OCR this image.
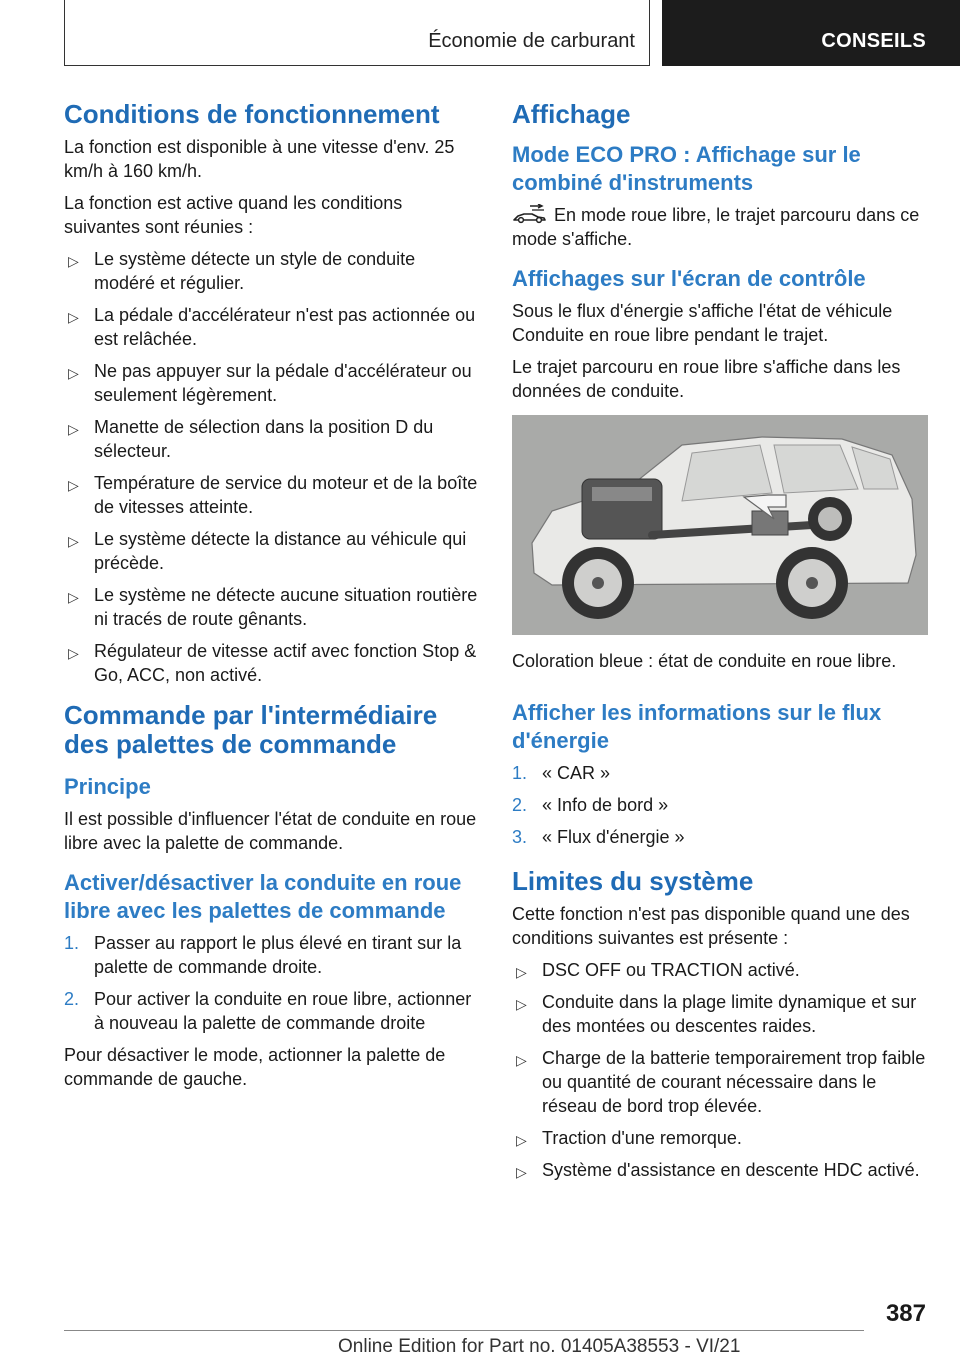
Économie de carburant	CONSEILS
Conditions de fonctionnement

La fonction est disponible à une vitesse d'env. 25 km/h à 160 km/h.

La fonction est active quand les conditions suivantes sont réunies :

▷ Le système détecte un style de conduite modéré et régulier.
▷ La pédale d'accélérateur n'est pas actionnée ou est relâchée.
▷ Ne pas appuyer sur la pédale d'accélérateur ou seulement légèrement.
▷ Manette de sélection dans la position D du sélecteur.
▷ Température de service du moteur et de la boîte de vitesses atteinte.
▷ Le système détecte la distance au véhicule qui précède.
▷ Le système ne détecte aucune situation routière ni tracés de route gênants.
▷ Régulateur de vitesse actif avec fonction Stop & Go, ACC, non activé.
Commande par l'intermédiaire des palettes de commande
Principe

Il est possible d'influencer l'état de conduite en roue libre avec la palette de commande.

Activer/désactiver la conduite en roue libre avec les palettes de commande
1. Passer au rapport le plus élevé en tirant sur la palette de commande droite.
2. Pour activer la conduite en roue libre, actionner à nouveau la palette de commande droite

Pour désactiver le mode, actionner la palette de commande de gauche.

Affichage
Mode ECO PRO : Affichage sur le combiné d'instruments

En mode roue libre, le trajet parcouru dans ce mode s'affiche.

Affichages sur l'écran de contrôle

Sous le flux d'énergie s'affiche l'état de véhicule Conduite en roue libre pendant le trajet.

Le trajet parcouru en roue libre s'affiche dans les données de conduite.

Coloration bleue : état de conduite en roue libre.

Afficher les informations sur le flux d'énergie
1. « CAR »
2. « Info de bord »
3. « Flux d'énergie »
Limites du système

Cette fonction n'est pas disponible quand une des conditions suivantes est présente :

▷ DSC OFF ou TRACTION activé.
▷ Conduite dans la plage limite dynamique et sur des montées ou descentes raides.
▷ Charge de la batterie temporairement trop faible ou quantité de courant nécessaire dans le réseau de bord trop élevée.
▷ Traction d'une remorque.
▷ Système d'assistance en descente HDC activé.
387
Online Edition for Part no. 01405A38553 - VI/21
